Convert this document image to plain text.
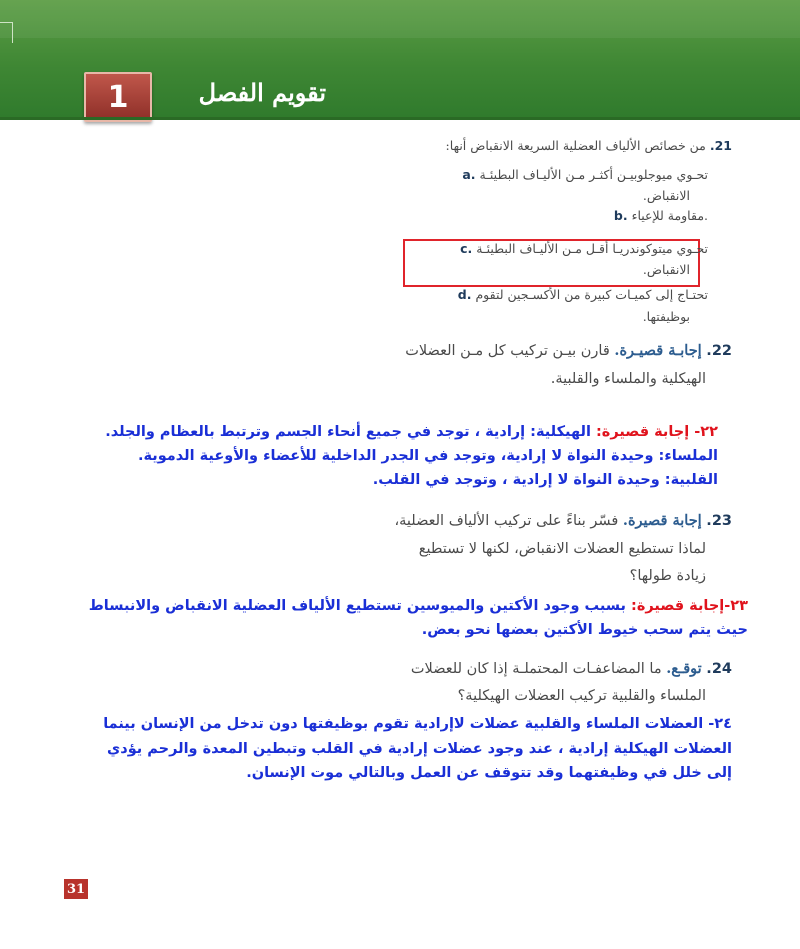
تقويم الفصل
1
21. من خصائص الألياف العضلية السريعة الانقباض أنها:
a. تحـوي ميوجلوبيـن أكثـر مـن الأليـاف البطيئـة
الانقباض.
b. مقاومة للإعياء.
c. تحـوي ميتوكوندريـا أقـل مـن الأليـاف البطيئـة
الانقباض.
d. تحتـاج إلى كميـات كبيرة من الأكسـجين لتقوم
بوظيفتها.
22. إجابـة قصيـرة. قارن بيـن تركيب كل مـن العضلات
الهيكلية والملساء والقلبية.
٢٢- إجابة قصيرة: الهيكلية: إرادية ، توجد في جميع أنحاء الجسم وترتبط بالعظام والجلد.
الملساء: وحيدة النواة لا إرادية، وتوجد في الجدر الداخلية للأعضاء والأوعية الدموية.
القلبية: وحيدة النواة لا إرادية ، وتوجد في القلب.
23. إجابة قصيرة. فسّر بناءً على تركيب الألياف العضلية،
لماذا تستطيع العضلات الانقباض، لكنها لا تستطيع
زيادة طولها؟
٢٣-إجابة قصيرة: بسبب وجود الأكتين والميوسين تستطيع الألياف العضلية الانقباض والانبساط
حيث يتم سحب خيوط الأكتين بعضها نحو بعض.
24. توقـع. ما المضاعفـات المحتملـة إذا كان للعضلات
الملساء والقلبية تركيب العضلات الهيكلية؟
٢٤- العضلات الملساء والقلبية عضلات لاإرادية تقوم بوظيفتها دون تدخل من الإنسان بينما
العضلات الهيكلية إرادية ، عند وجود عضلات إرادية في القلب وتبطين المعدة والرحم يؤدي
إلى خلل في وظيفتهما وقد تتوقف عن العمل وبالتالي موت الإنسان.
31
